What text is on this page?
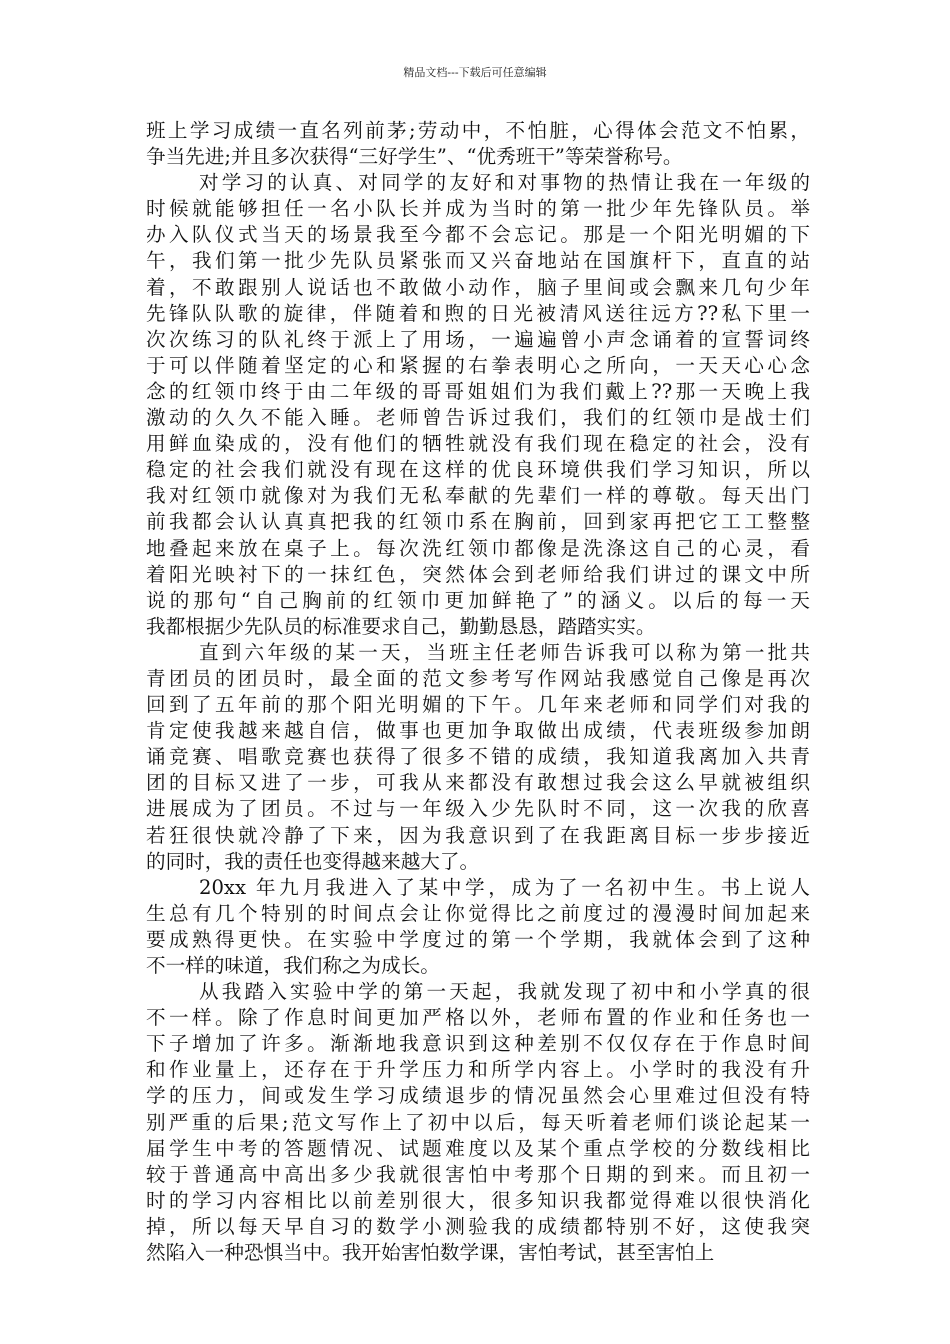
精品文档---下载后可任意编辑
班上学习成绩一直名列前茅;劳动中，不怕脏，心得体会范文不怕累，
争当先进;并且多次获得“三好学生”、“优秀班干”等荣誉称号。
对学习的认真、对同学的友好和对事物的热情让我在一年级的
时候就能够担任一名小队长并成为当时的第一批少年先锋队员。举
办入队仪式当天的场景我至今都不会忘记。那是一个阳光明媚的下
午，我们第一批少先队员紧张而又兴奋地站在国旗杆下，直直的站
着，不敢跟别人说话也不敢做小动作，脑子里间或会飘来几句少年
先锋队队歌的旋律，伴随着和煦的日光被清风送往远方??私下里一
次次练习的队礼终于派上了用场，一遍遍曾小声念诵着的宣誓词终
于可以伴随着坚定的心和紧握的右拳表明心之所向，一天天心心念
念的红领巾终于由二年级的哥哥姐姐们为我们戴上??那一天晚上我
激动的久久不能入睡。老师曾告诉过我们，我们的红领巾是战士们
用鲜血染成的，没有他们的牺牲就没有我们现在稳定的社会，没有
稳定的社会我们就没有现在这样的优良环境供我们学习知识，所以
我对红领巾就像对为我们无私奉献的先辈们一样的尊敬。每天出门
前我都会认认真真把我的红领巾系在胸前，回到家再把它工工整整
地叠起来放在桌子上。每次洗红领巾都像是洗涤这自己的心灵，看
着阳光映衬下的一抹红色，突然体会到老师给我们讲过的课文中所
说的那句“自己胸前的红领巾更加鲜艳了”的涵义。以后的每一天
我都根据少先队员的标准要求自己，勤勤恳恳，踏踏实实。
直到六年级的某一天，当班主任老师告诉我可以称为第一批共
青团员的团员时，最全面的范文参考写作网站我感觉自己像是再次
回到了五年前的那个阳光明媚的下午。几年来老师和同学们对我的
肯定使我越来越自信，做事也更加争取做出成绩，代表班级参加朗
诵竞赛、唱歌竞赛也获得了很多不错的成绩，我知道我离加入共青
团的目标又进了一步，可我从来都没有敢想过我会这么早就被组织
进展成为了团员。不过与一年级入少先队时不同，这一次我的欣喜
若狂很快就冷静了下来，因为我意识到了在我距离目标一步步接近
的同时，我的责任也变得越来越大了。
20xx 年九月我进入了某中学，成为了一名初中生。书上说人
生总有几个特别的时间点会让你觉得比之前度过的漫漫时间加起来
要成熟得更快。在实验中学度过的第一个学期，我就体会到了这种
不一样的味道，我们称之为成长。
从我踏入实验中学的第一天起，我就发现了初中和小学真的很
不一样。除了作息时间更加严格以外，老师布置的作业和任务也一
下子增加了许多。渐渐地我意识到这种差别不仅仅存在于作息时间
和作业量上，还存在于升学压力和所学内容上。小学时的我没有升
学的压力，间或发生学习成绩退步的情况虽然会心里难过但没有特
别严重的后果;范文写作上了初中以后，每天听着老师们谈论起某一
届学生中考的答题情况、试题难度以及某个重点学校的分数线相比
较于普通高中高出多少我就很害怕中考那个日期的到来。而且初一
时的学习内容相比以前差别很大，很多知识我都觉得难以很快消化
掉，所以每天早自习的数学小测验我的成绩都特别不好，这使我突
然陷入一种恐惧当中。我开始害怕数学课，害怕考试，甚至害怕上
